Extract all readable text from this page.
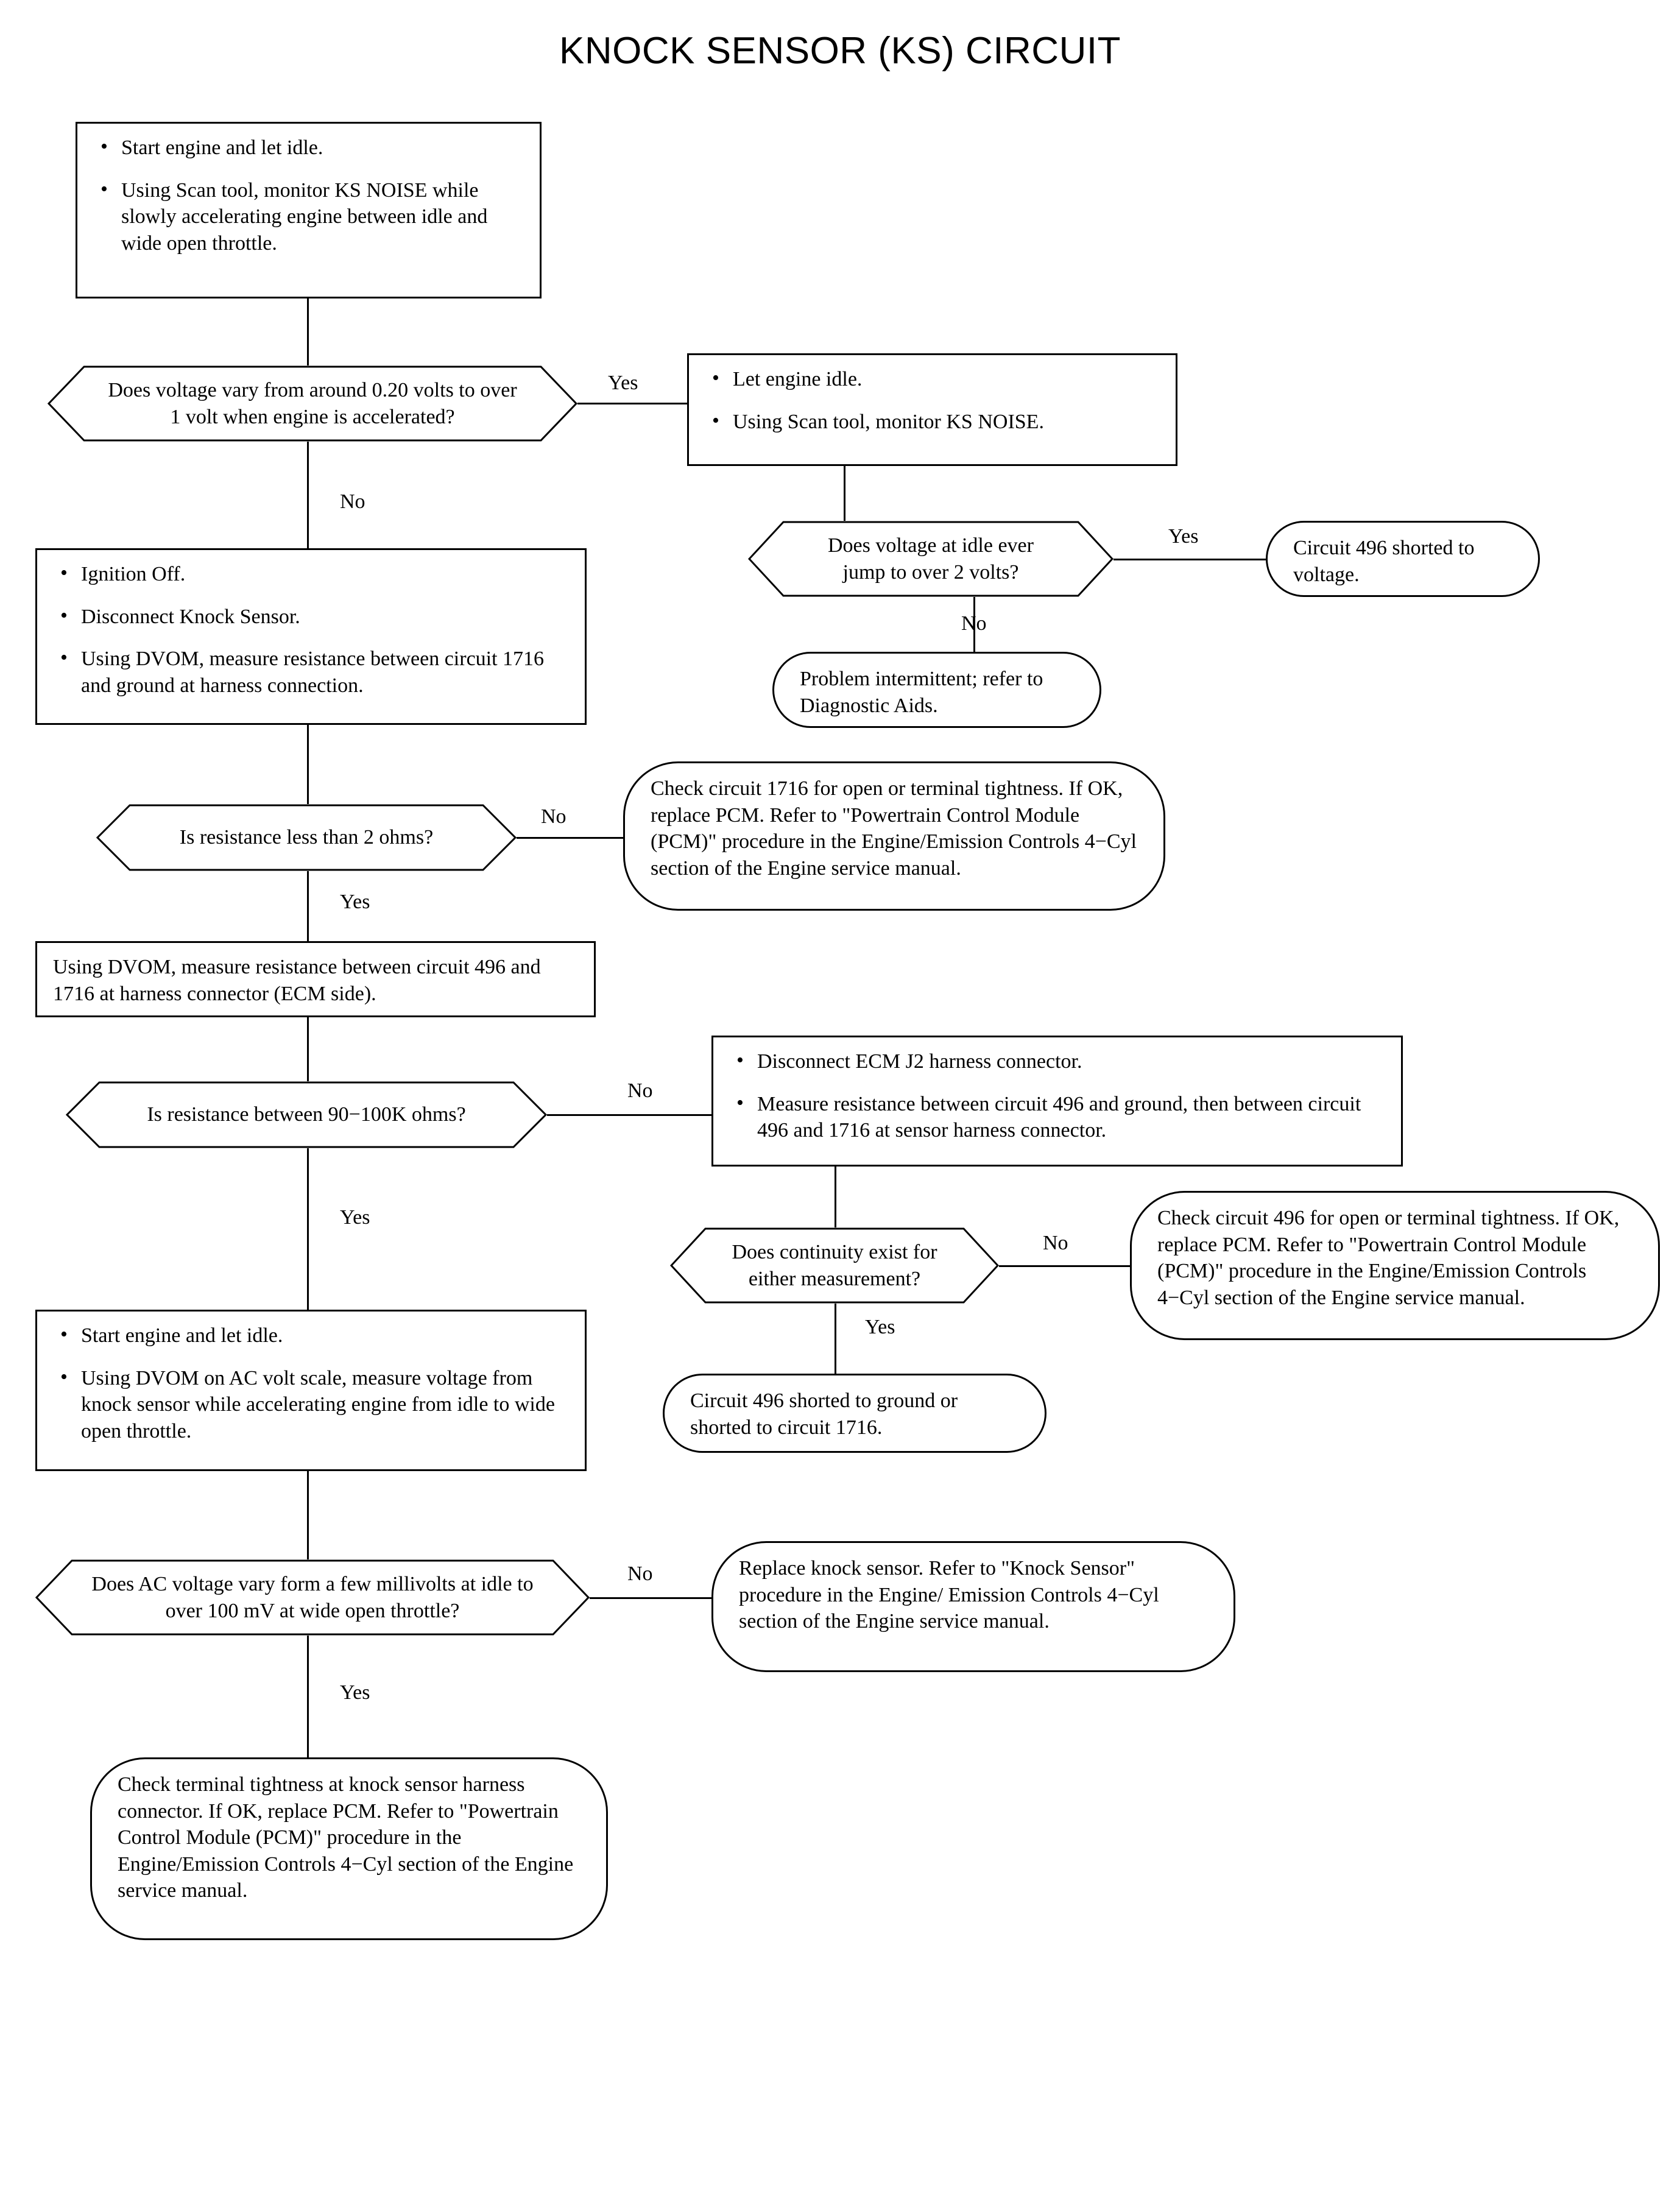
KNOCK SENSOR (KS) CIRCUIT
• Start engine and let idle.
• Using Scan tool, monitor KS NOISE while slowly accelerating engine between idle and wide open throttle.
Does voltage vary from around 0.20 volts to over 1 volt when engine is accelerated?
Yes
No
• Ignition Off.
• Disconnect Knock Sensor.
• Using DVOM, measure resistance between circuit 1716 and ground at harness connection.
Is resistance less than 2 ohms?
No
Yes
Using DVOM, measure resistance between circuit 496 and 1716 at harness connector (ECM side).
Is resistance between 90−100K ohms?
No
Yes
• Start engine and let idle.
• Using DVOM on AC volt scale, measure voltage from knock sensor while accelerating engine from idle to wide open throttle.
Does AC voltage vary form a few millivolts at idle to over 100 mV at wide open throttle?
No
Yes
Check terminal tightness at knock sensor harness connector. If OK, replace PCM. Refer to "Powertrain Control Module (PCM)" procedure in the Engine/Emission Controls 4−Cyl section of the Engine service manual.
• Let engine idle.
• Using Scan tool, monitor KS NOISE.
Does voltage at idle ever jump to over 2 volts?
Yes
No
Circuit 496 shorted to voltage.
Problem intermittent; refer to Diagnostic Aids.
Check circuit 1716 for open or terminal tightness. If OK, replace PCM. Refer to "Powertrain Control Module (PCM)" procedure in the Engine/Emission Controls 4−Cyl section of the Engine service manual.
• Disconnect ECM J2 harness connector.
• Measure resistance between circuit 496 and ground, then between circuit 496 and 1716 at sensor harness connector.
Does continuity exist for either measurement?
No
Yes
Check circuit 496 for open or terminal tightness. If OK, replace PCM. Refer to "Powertrain Control Module (PCM)" procedure in the Engine/Emission Controls 4−Cyl section of the Engine service manual.
Circuit 496 shorted to ground or shorted to circuit 1716.
Replace knock sensor. Refer to "Knock Sensor" procedure in the Engine/ Emission Controls 4−Cyl section of the Engine service manual.
